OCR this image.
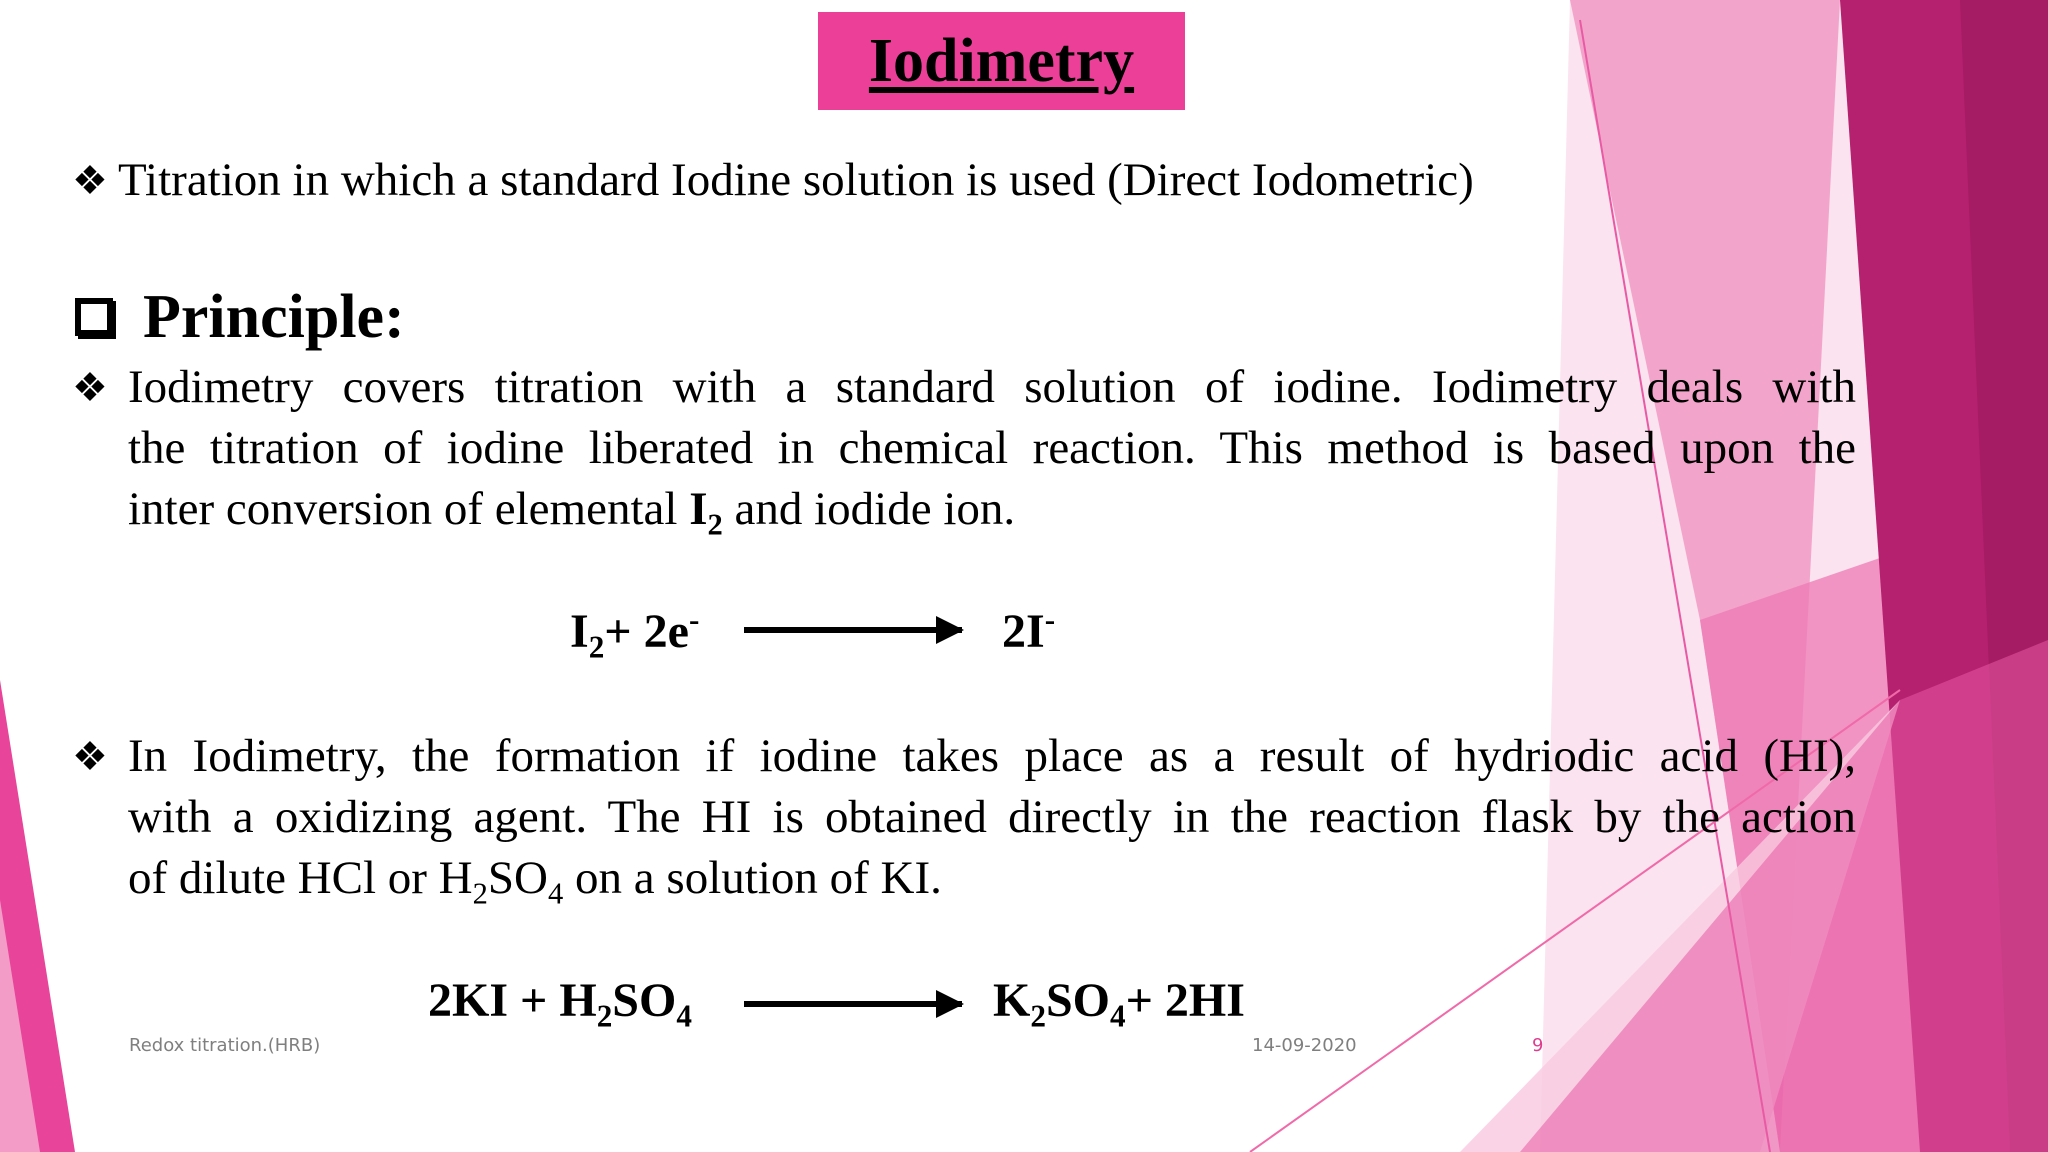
Iodimetry
❖ Titration in which a standard Iodine solution is used (Direct Iodometric)
Principle:
❖ Iodimetry covers titration with a standard solution of iodine. Iodimetry deals with
the titration of iodine liberated in chemical reaction. This method is based upon the
inter conversion of elemental $I_2$ and iodide ion.
$I_2+ 2e^-$	2I-
❖ In Iodimetry, the formation if iodine takes place as a result of hydriodic acid (HI),
with a oxidizing agent. The HI is obtained directly in the reaction flask by the action
of dilute HCl or $H_2SO_4$ on a solution of KI.
$2KI + H_2SO_4$	$K_2SO_4+ 2HI$
Redox titration.(HRB)	14-09-2020	9
